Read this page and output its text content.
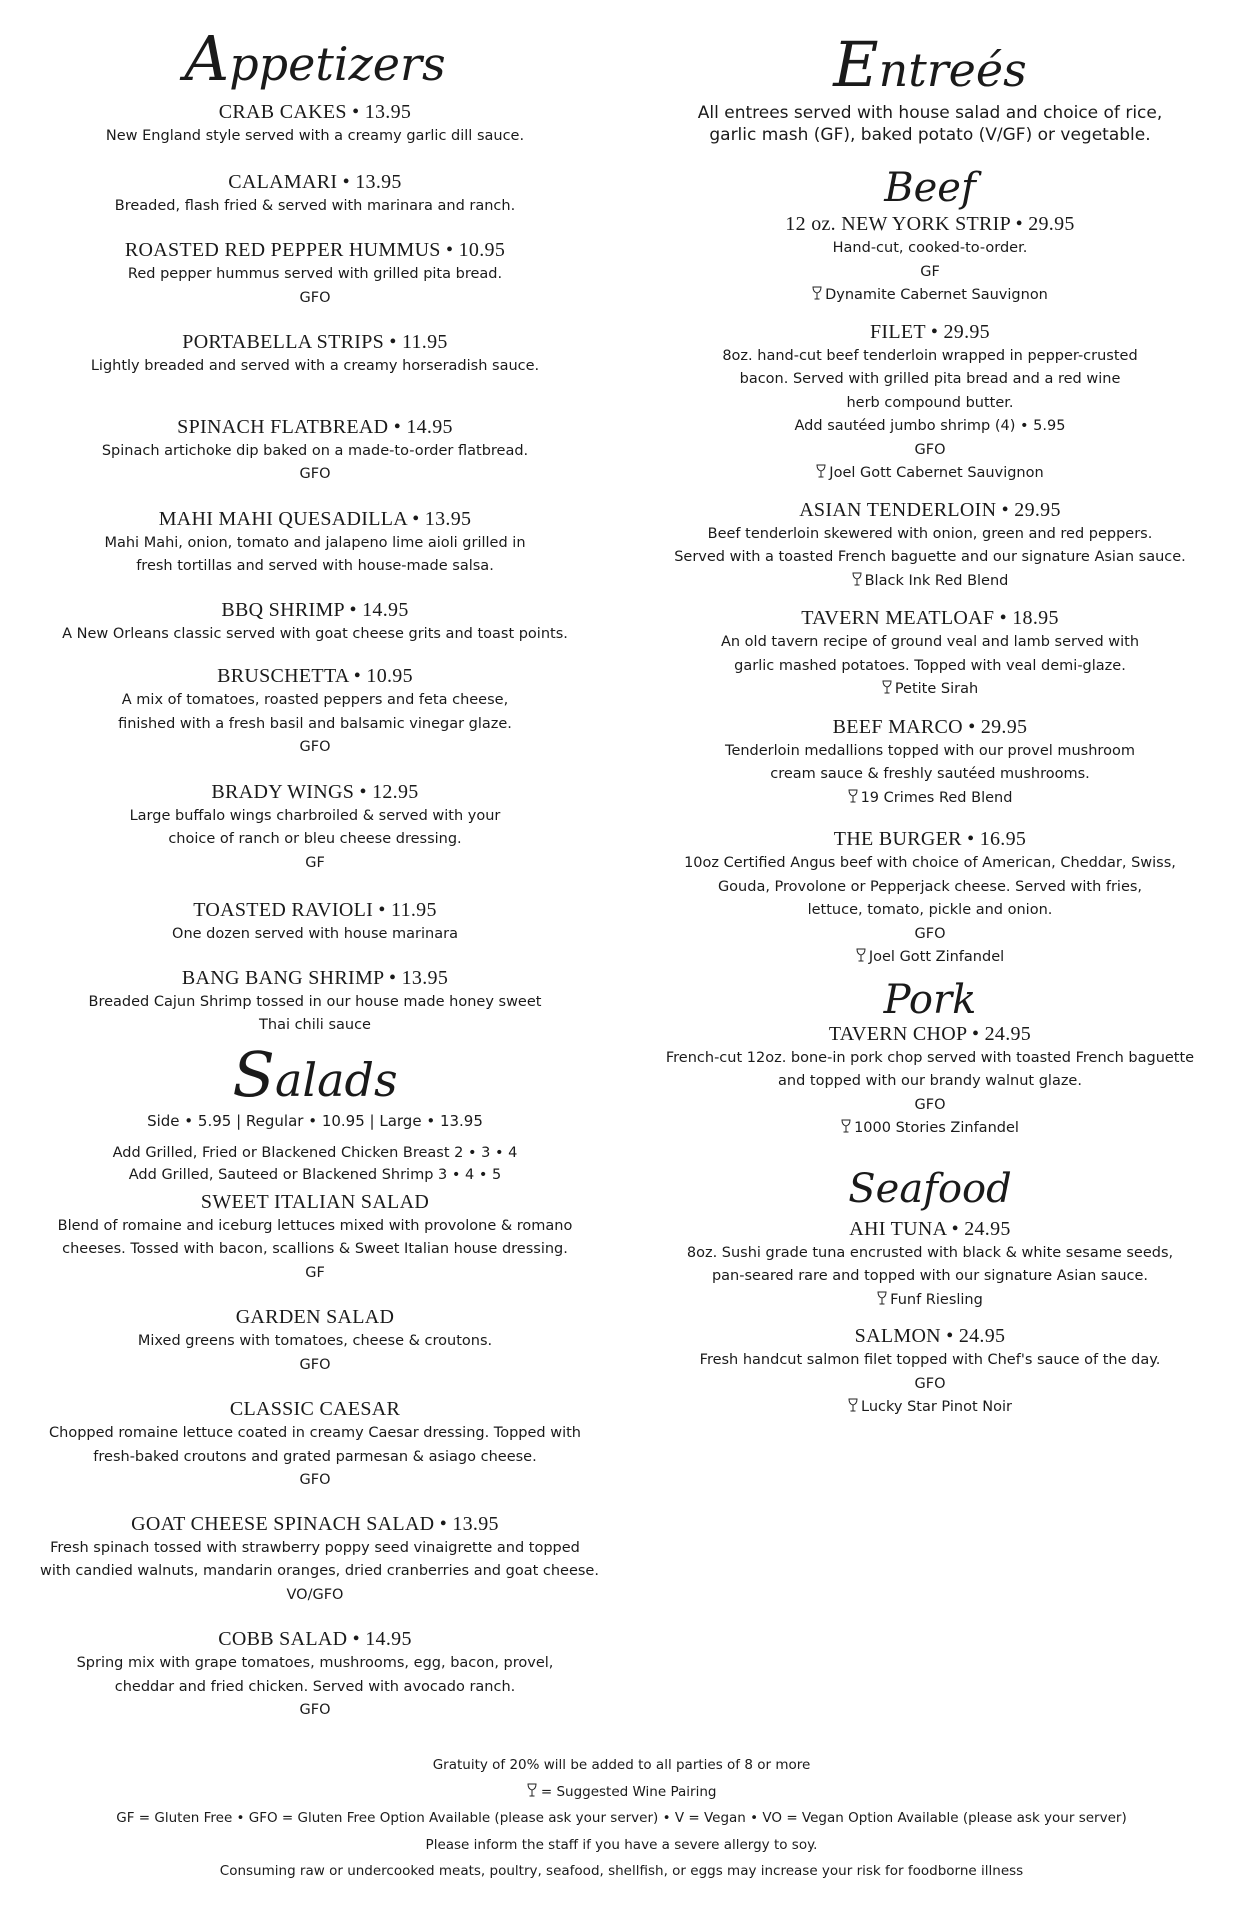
Appetizers
CRAB CAKES • 13.95
New England style served with a creamy garlic dill sauce.
CALAMARI • 13.95
Breaded, flash fried & served with marinara and ranch.
ROASTED RED PEPPER HUMMUS • 10.95
Red pepper hummus served with grilled pita bread.
GFO
PORTABELLA STRIPS • 11.95
Lightly breaded and served with a creamy horseradish sauce.
SPINACH FLATBREAD • 14.95
Spinach artichoke dip baked on a made-to-order flatbread.
GFO
MAHI MAHI QUESADILLA • 13.95
Mahi Mahi, onion, tomato and jalapeno lime aioli grilled in
fresh tortillas and served with house-made salsa.
BBQ SHRIMP • 14.95
A New Orleans classic served with goat cheese grits and toast points.
BRUSCHETTA • 10.95
A mix of tomatoes, roasted peppers and feta cheese,
finished with a fresh basil and balsamic vinegar glaze.
GFO
BRADY WINGS • 12.95
Large buffalo wings charbroiled & served with your
choice of ranch or bleu cheese dressing.
GF
TOASTED RAVIOLI • 11.95
One dozen served with house marinara
BANG BANG SHRIMP • 13.95
Breaded Cajun Shrimp tossed in our house made honey sweet
Thai chili sauce
Salads
Side • 5.95 | Regular • 10.95 | Large • 13.95
Add Grilled, Fried or Blackened Chicken Breast 2 • 3 • 4
Add Grilled, Sauteed or Blackened Shrimp 3 • 4 • 5
SWEET ITALIAN SALAD
Blend of romaine and iceburg lettuces mixed with provolone & romano
cheeses. Tossed with bacon, scallions & Sweet Italian house dressing.
GF
GARDEN SALAD
Mixed greens with tomatoes, cheese & croutons.
GFO
CLASSIC CAESAR
Chopped romaine lettuce coated in creamy Caesar dressing. Topped with
fresh-baked croutons and grated parmesan & asiago cheese.
GFO
GOAT CHEESE SPINACH SALAD • 13.95
Fresh spinach tossed with strawberry poppy seed vinaigrette and topped
with candied walnuts, mandarin oranges, dried cranberries and goat cheese.
VO/GFO
COBB SALAD • 14.95
Spring mix with grape tomatoes, mushrooms, egg, bacon, provel,
cheddar and fried chicken. Served with avocado ranch.
GFO
Entreés
All entrees served with house salad and choice of rice,
garlic mash (GF), baked potato (V/GF) or vegetable.
Beef
12 oz. NEW YORK STRIP • 29.95
Hand-cut, cooked-to-order.
GF
Dynamite Cabernet Sauvignon
FILET • 29.95
8oz. hand-cut beef tenderloin wrapped in pepper-crusted
bacon. Served with grilled pita bread and a red wine
herb compound butter.
Add sautéed jumbo shrimp (4) • 5.95
GFO
Joel Gott Cabernet Sauvignon
ASIAN TENDERLOIN • 29.95
Beef tenderloin skewered with onion, green and red peppers.
Served with a toasted French baguette and our signature Asian sauce.
Black Ink Red Blend
TAVERN MEATLOAF • 18.95
An old tavern recipe of ground veal and lamb served with
garlic mashed potatoes. Topped with veal demi-glaze.
Petite Sirah
BEEF MARCO • 29.95
Tenderloin medallions topped with our provel mushroom
cream sauce & freshly sautéed mushrooms.
19 Crimes Red Blend
THE BURGER • 16.95
10oz Certified Angus beef with choice of American, Cheddar, Swiss,
Gouda, Provolone or Pepperjack cheese. Served with fries,
lettuce, tomato, pickle and onion.
GFO
Joel Gott Zinfandel
Pork
TAVERN CHOP • 24.95
French-cut 12oz. bone-in pork chop served with toasted French baguette
and topped with our brandy walnut glaze.
GFO
1000 Stories Zinfandel
Seafood
AHI TUNA • 24.95
8oz. Sushi grade tuna encrusted with black & white sesame seeds,
pan-seared rare and topped with our signature Asian sauce.
Funf Riesling
SALMON • 24.95
Fresh handcut salmon filet topped with Chef's sauce of the day.
GFO
Lucky Star Pinot Noir
Gratuity of 20% will be added to all parties of 8 or more
= Suggested Wine Pairing
GF = Gluten Free • GFO = Gluten Free Option Available (please ask your server) • V = Vegan • VO = Vegan Option Available (please ask your server)
Please inform the staff if you have a severe allergy to soy.
Consuming raw or undercooked meats, poultry, seafood, shellfish, or eggs may increase your risk for foodborne illness
